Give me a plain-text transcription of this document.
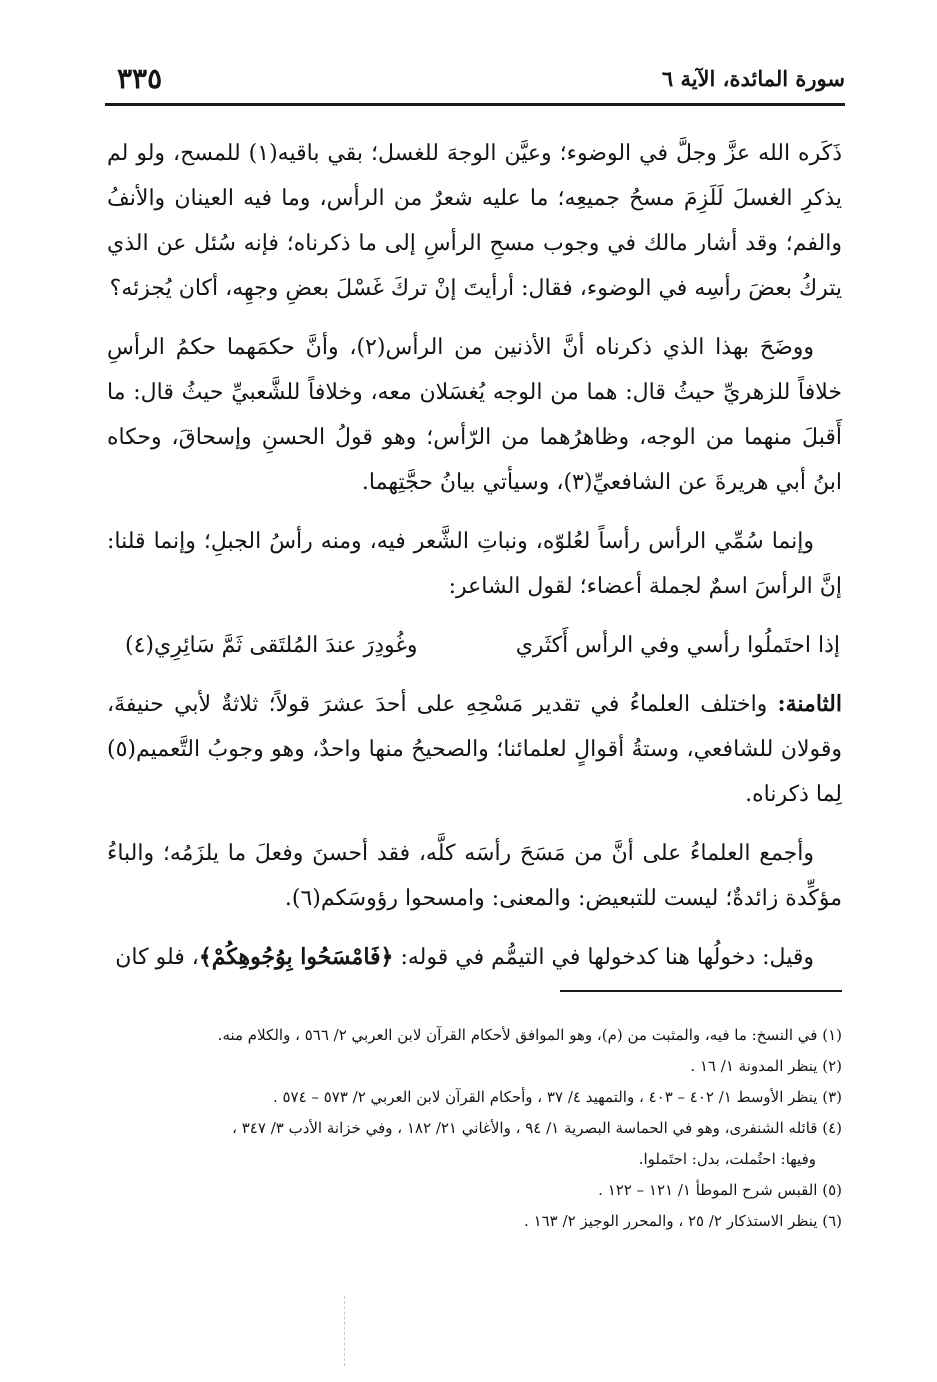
سورة المائدة، الآية ٦
٣٣٥

ذَكَره الله عزَّ وجلَّ في الوضوء؛ وعيَّن الوجهَ للغسل؛ بقي باقيه(١) للمسح، ولو لم يذكرِ الغسلَ لَلَزِمَ مسحُ جميعِه؛ ما عليه شعرٌ من الرأس، وما فيه العينان والأنفُ والفم؛ وقد أشار مالك في وجوب مسحِ الرأسِ إلى ما ذكرناه؛ فإنه سُئل عن الذي يتركُ بعضَ رأسِه في الوضوء، فقال: أرأيتَ إنْ تركَ غَسْلَ بعضِ وجهِه، أكان يُجزئه؟

ووضَحَ بهذا الذي ذكرناه أنَّ الأذنين من الرأس(٢)، وأنَّ حكمَهما حكمُ الرأسِ خلافاً للزهريِّ حيثُ قال: هما من الوجه يُغسَلان معه، وخلافاً للشَّعبيِّ حيثُ قال: ما أَقبلَ منهما من الوجه، وظاهرُهما من الرّأس؛ وهو قولُ الحسنِ وإسحاقَ، وحكاه ابنُ أبي هريرةَ عن الشافعيِّ(٣)، وسيأتي بيانُ حجَّتِهما.

وإنما سُمِّي الرأس رأساً لعُلوّه، ونباتِ الشَّعر فيه، ومنه رأسُ الجبلِ؛ وإنما قلنا: إنَّ الرأسَ اسمٌ لجملة أعضاء؛ لقول الشاعر:

إذا احتَملُوا رأسي وفي الرأس أَكثَري
وغُودِرَ عندَ المُلتَقى ثَمَّ سَائِرِي(٤)

الثامنة: واختلف العلماءُ في تقدير مَسْحِهِ على أحدَ عشرَ قولاً؛ ثلاثةٌ لأبي حنيفةَ، وقولان للشافعي، وستةُ أقوالٍ لعلمائنا؛ والصحيحُ منها واحدٌ، وهو وجوبُ التَّعميم(٥) لِما ذكرناه.

وأجمع العلماءُ على أنَّ من مَسَحَ رأسَه كلَّه، فقد أحسنَ وفعلَ ما يلزَمُه؛ والباءُ مؤكِّدة زائدةٌ؛ ليست للتبعيض: والمعنى: وامسحوا رؤوسَكم(٦).

وقيل: دخولُها هنا كدخولها في التيمُّم في قوله: ﴿فَامْسَحُوا بِوُجُوهِكُمْ﴾، فلو كان

(١) في النسخ: ما فيه، والمثبت من (م)، وهو الموافق لأحكام القرآن لابن العربي ٢/ ٥٦٦ ، والكلام منه.

(٢) ينظر المدونة ١/ ١٦ .

(٣) ينظر الأوسط ١/ ٤٠٢ – ٤٠٣ ، والتمهيد ٤/ ٣٧ ، وأحكام القرآن لابن العربي ٢/ ٥٧٣ – ٥٧٤ .

(٤) قائله الشنفرى، وهو في الحماسة البصرية ١/ ٩٤ ، والأغاني ٢١/ ١٨٢ ، وفي خزانة الأدب ٣/ ٣٤٧ ،

وفيها: احتُملت، بدل: احتَملوا.

(٥) القبس شرح الموطأ ١/ ١٢١ – ١٢٢ .

(٦) ينظر الاستذكار ٢/ ٢٥ ، والمحرر الوجيز ٢/ ١٦٣ .
